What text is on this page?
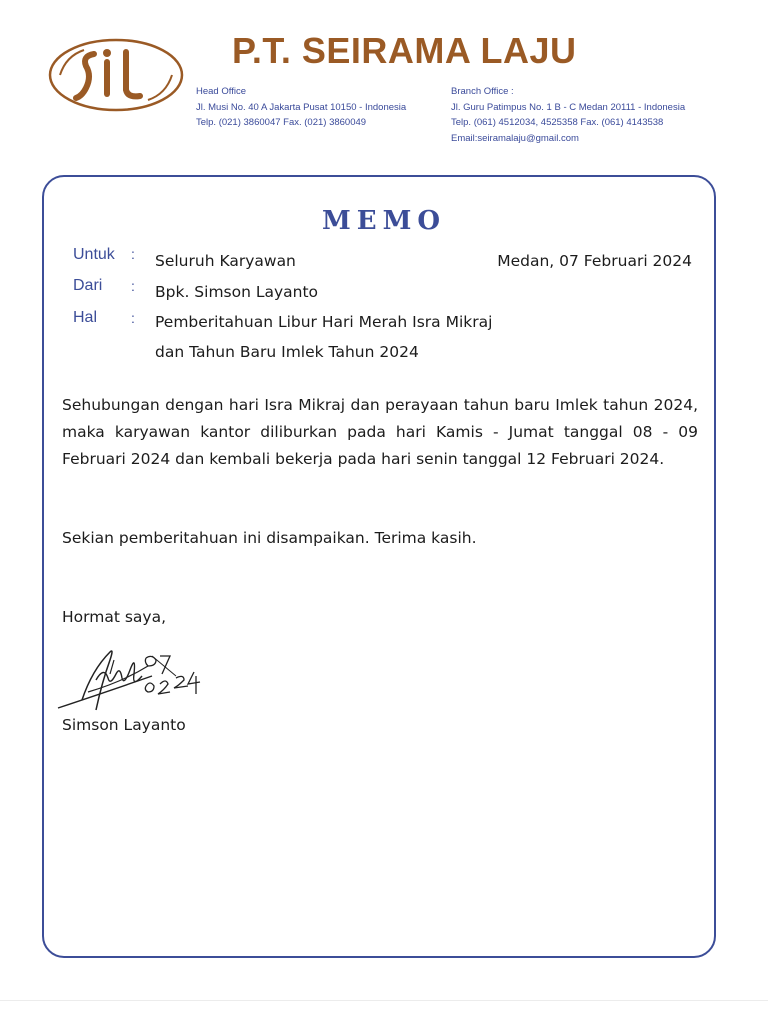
P.T. SEIRAMA LAJU
Head Office
Jl. Musi No. 40 A Jakarta Pusat 10150 - Indonesia
Telp. (021) 3860047 Fax. (021) 3860049
Branch Office :
Jl. Guru Patimpus No. 1 B - C Medan 20111 - Indonesia
Telp. (061) 4512034, 4525358 Fax. (061) 4143538
Email:seiramalaju@gmail.com
MEMO
Untuk : Seluruh Karyawan	Medan, 07 Februari 2024
Dari : Bpk. Simson Layanto
Hal : Pemberitahuan Libur Hari Merah Isra Mikraj
dan Tahun Baru Imlek Tahun 2024
Sehubungan dengan hari Isra Mikraj dan perayaan tahun baru Imlek tahun 2024, maka karyawan kantor diliburkan pada hari Kamis - Jumat tanggal 08 - 09 Februari 2024 dan kembali bekerja pada hari senin tanggal 12 Februari 2024.
Sekian pemberitahuan ini disampaikan. Terima kasih.
Hormat saya,
Simson Layanto
